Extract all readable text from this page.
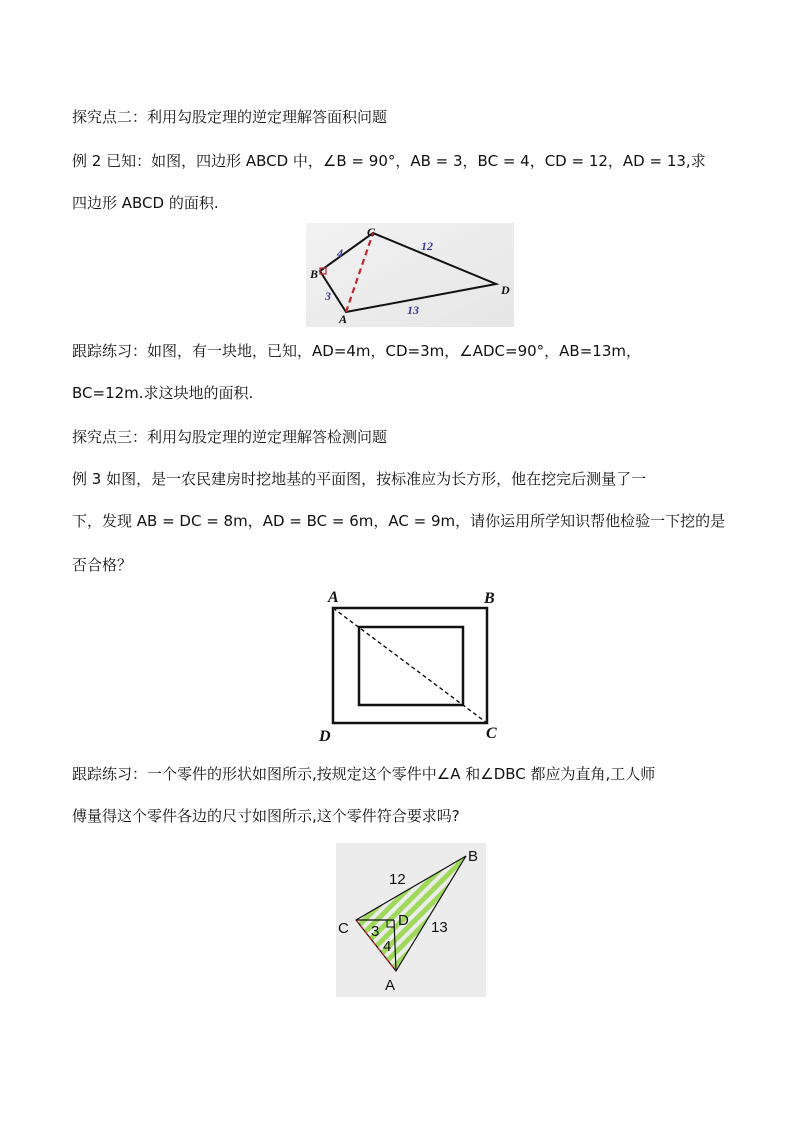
探究点二：利用勾股定理的逆定理解答面积问题
例 2 已知：如图，四边形 ABCD 中，∠B = 90°，AB = 3，BC = 4，CD = 12，AD = 13,求
四边形 ABCD 的面积.
A
B
C
D
4
3
12
13
跟踪练习：如图，有一块地，已知，AD=4m，CD=3m，∠ADC=90°，AB=13m，
BC=12m.求这块地的面积.
探究点三：利用勾股定理的逆定理解答检测问题
例 3 如图，是一农民建房时挖地基的平面图，按标准应为长方形，他在挖完后测量了一
下，发现 AB = DC = 8m，AD = BC = 6m，AC = 9m，请你运用所学知识帮他检验一下挖的是
否合格？
A	B
D	C
跟踪练习：一个零件的形状如图所示,按规定这个零件中∠A 和∠DBC 都应为直角,工人师
傅量得这个零件各边的尺寸如图所示,这个零件符合要求吗?
B
C	D
A
12
3
4
13
